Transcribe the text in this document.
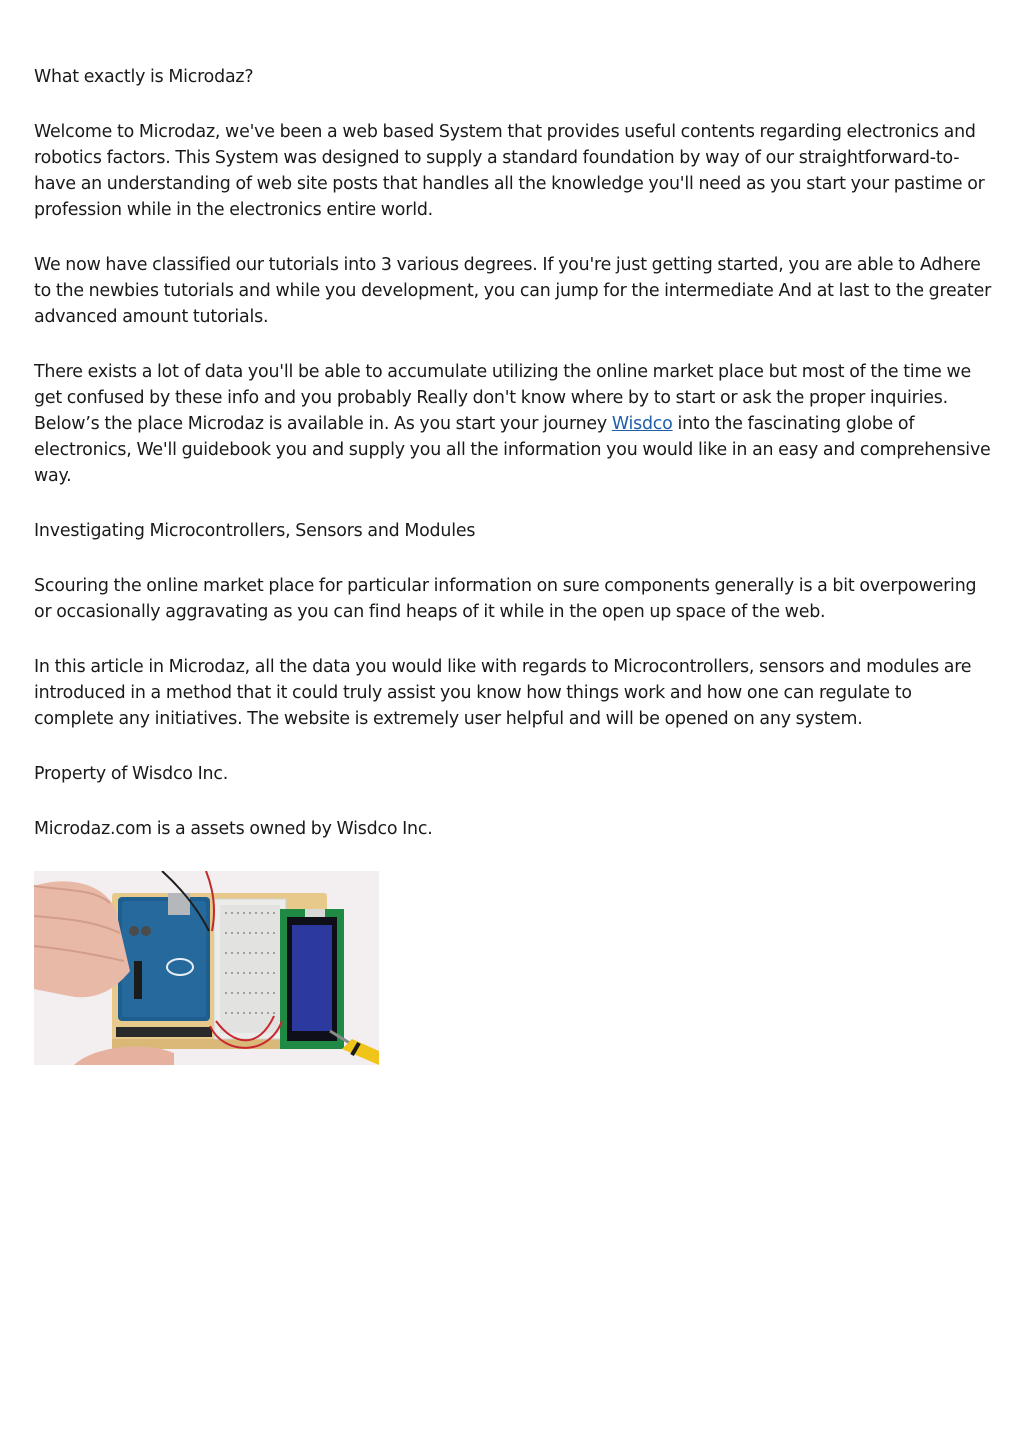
What exactly is Microdaz?

Welcome to Microdaz, we've been a web based System that provides useful contents regarding electronics and robotics factors. This System was designed to supply a standard foundation by way of our straightforward-to-have an understanding of web site posts that handles all the knowledge you'll need as you start your pastime or profession while in the electronics entire world.

We now have classified our tutorials into 3 various degrees. If you're just getting started, you are able to Adhere to the newbies tutorials and while you development, you can jump for the intermediate And at last to the greater advanced amount tutorials.

There exists a lot of data you'll be able to accumulate utilizing the online market place but most of the time we get confused by these info and you probably Really don't know where by to start or ask the proper inquiries. Below’s the place Microdaz is available in. As you start your journey Wisdco into the fascinating globe of electronics, We'll guidebook you and supply you all the information you would like in an easy and comprehensive way.

Investigating Microcontrollers, Sensors and Modules

Scouring the online market place for particular information on sure components generally is a bit overpowering or occasionally aggravating as you can find heaps of it while in the open up space of the web.

In this article in Microdaz, all the data you would like with regards to Microcontrollers, sensors and modules are introduced in a method that it could truly assist you know how things work and how one can regulate to complete any initiatives. The website is extremely user helpful and will be opened on any system.

Property of Wisdco Inc.

Microdaz.com is a assets owned by Wisdco Inc.
